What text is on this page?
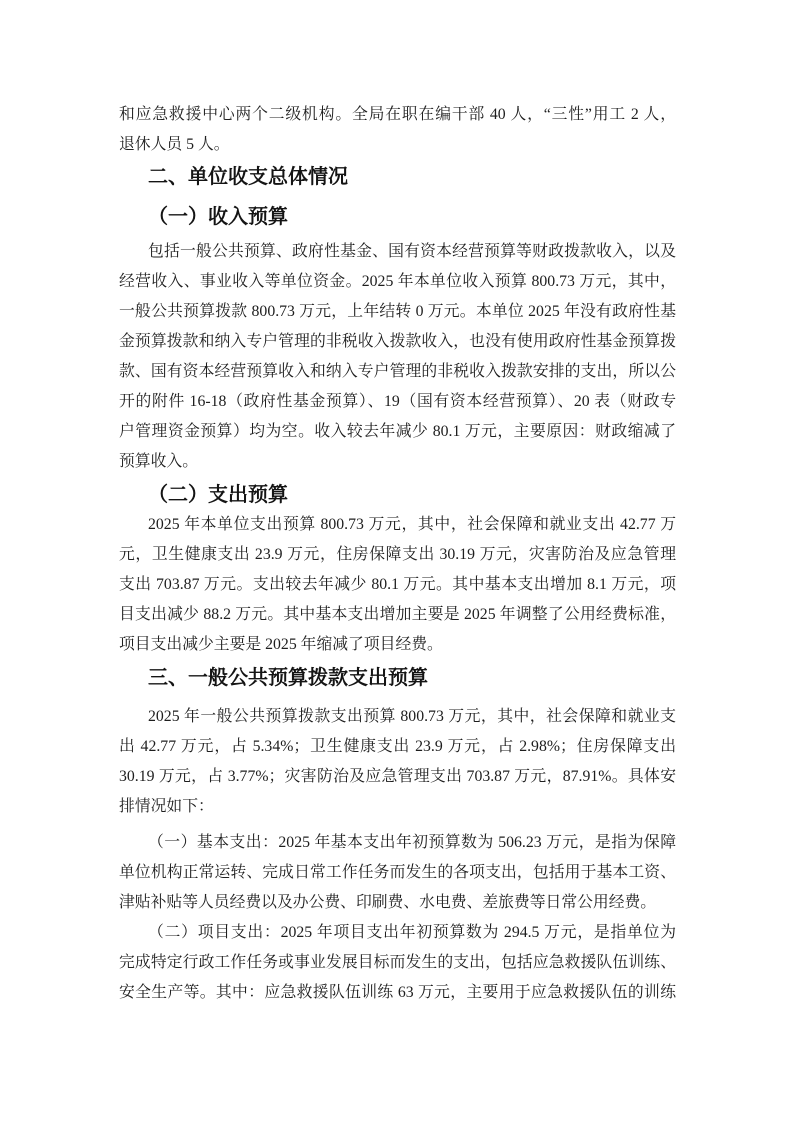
和应急救援中心两个二级机构。全局在职在编干部 40 人，“三性”用工 2 人，
退休人员 5 人。
二、单位收支总体情况
（一）收入预算
包括一般公共预算、政府性基金、国有资本经营预算等财政拨款收入，以及
经营收入、事业收入等单位资金。2025 年本单位收入预算 800.73 万元，其中，
一般公共预算拨款 800.73 万元，上年结转 0 万元。本单位 2025 年没有政府性基
金预算拨款和纳入专户管理的非税收入拨款收入，也没有使用政府性基金预算拨
款、国有资本经营预算收入和纳入专户管理的非税收入拨款安排的支出，所以公
开的附件 16-18（政府性基金预算）、19（国有资本经营预算）、20 表（财政专
户管理资金预算）均为空。收入较去年减少 80.1 万元，主要原因：财政缩减了
预算收入。
（二）支出预算
2025 年本单位支出预算 800.73 万元，其中，社会保障和就业支出 42.77 万
元，卫生健康支出 23.9 万元，住房保障支出 30.19 万元，灾害防治及应急管理
支出 703.87 万元。支出较去年减少 80.1 万元。其中基本支出增加 8.1 万元，项
目支出减少 88.2 万元。其中基本支出增加主要是 2025 年调整了公用经费标准，
项目支出减少主要是 2025 年缩减了项目经费。
三、一般公共预算拨款支出预算
2025 年一般公共预算拨款支出预算 800.73 万元，其中，社会保障和就业支
出 42.77 万元，占 5.34%；卫生健康支出 23.9 万元，占 2.98%；住房保障支出
30.19 万元，占 3.77%；灾害防治及应急管理支出 703.87 万元，87.91%。具体安
排情况如下：
（一）基本支出：2025 年基本支出年初预算数为 506.23 万元，是指为保障
单位机构正常运转、完成日常工作任务而发生的各项支出，包括用于基本工资、
津贴补贴等人员经费以及办公费、印刷费、水电费、差旅费等日常公用经费。
（二）项目支出：2025 年项目支出年初预算数为 294.5 万元，是指单位为
完成特定行政工作任务或事业发展目标而发生的支出，包括应急救援队伍训练、
安全生产等。其中：应急救援队伍训练 63 万元，主要用于应急救援队伍的训练
